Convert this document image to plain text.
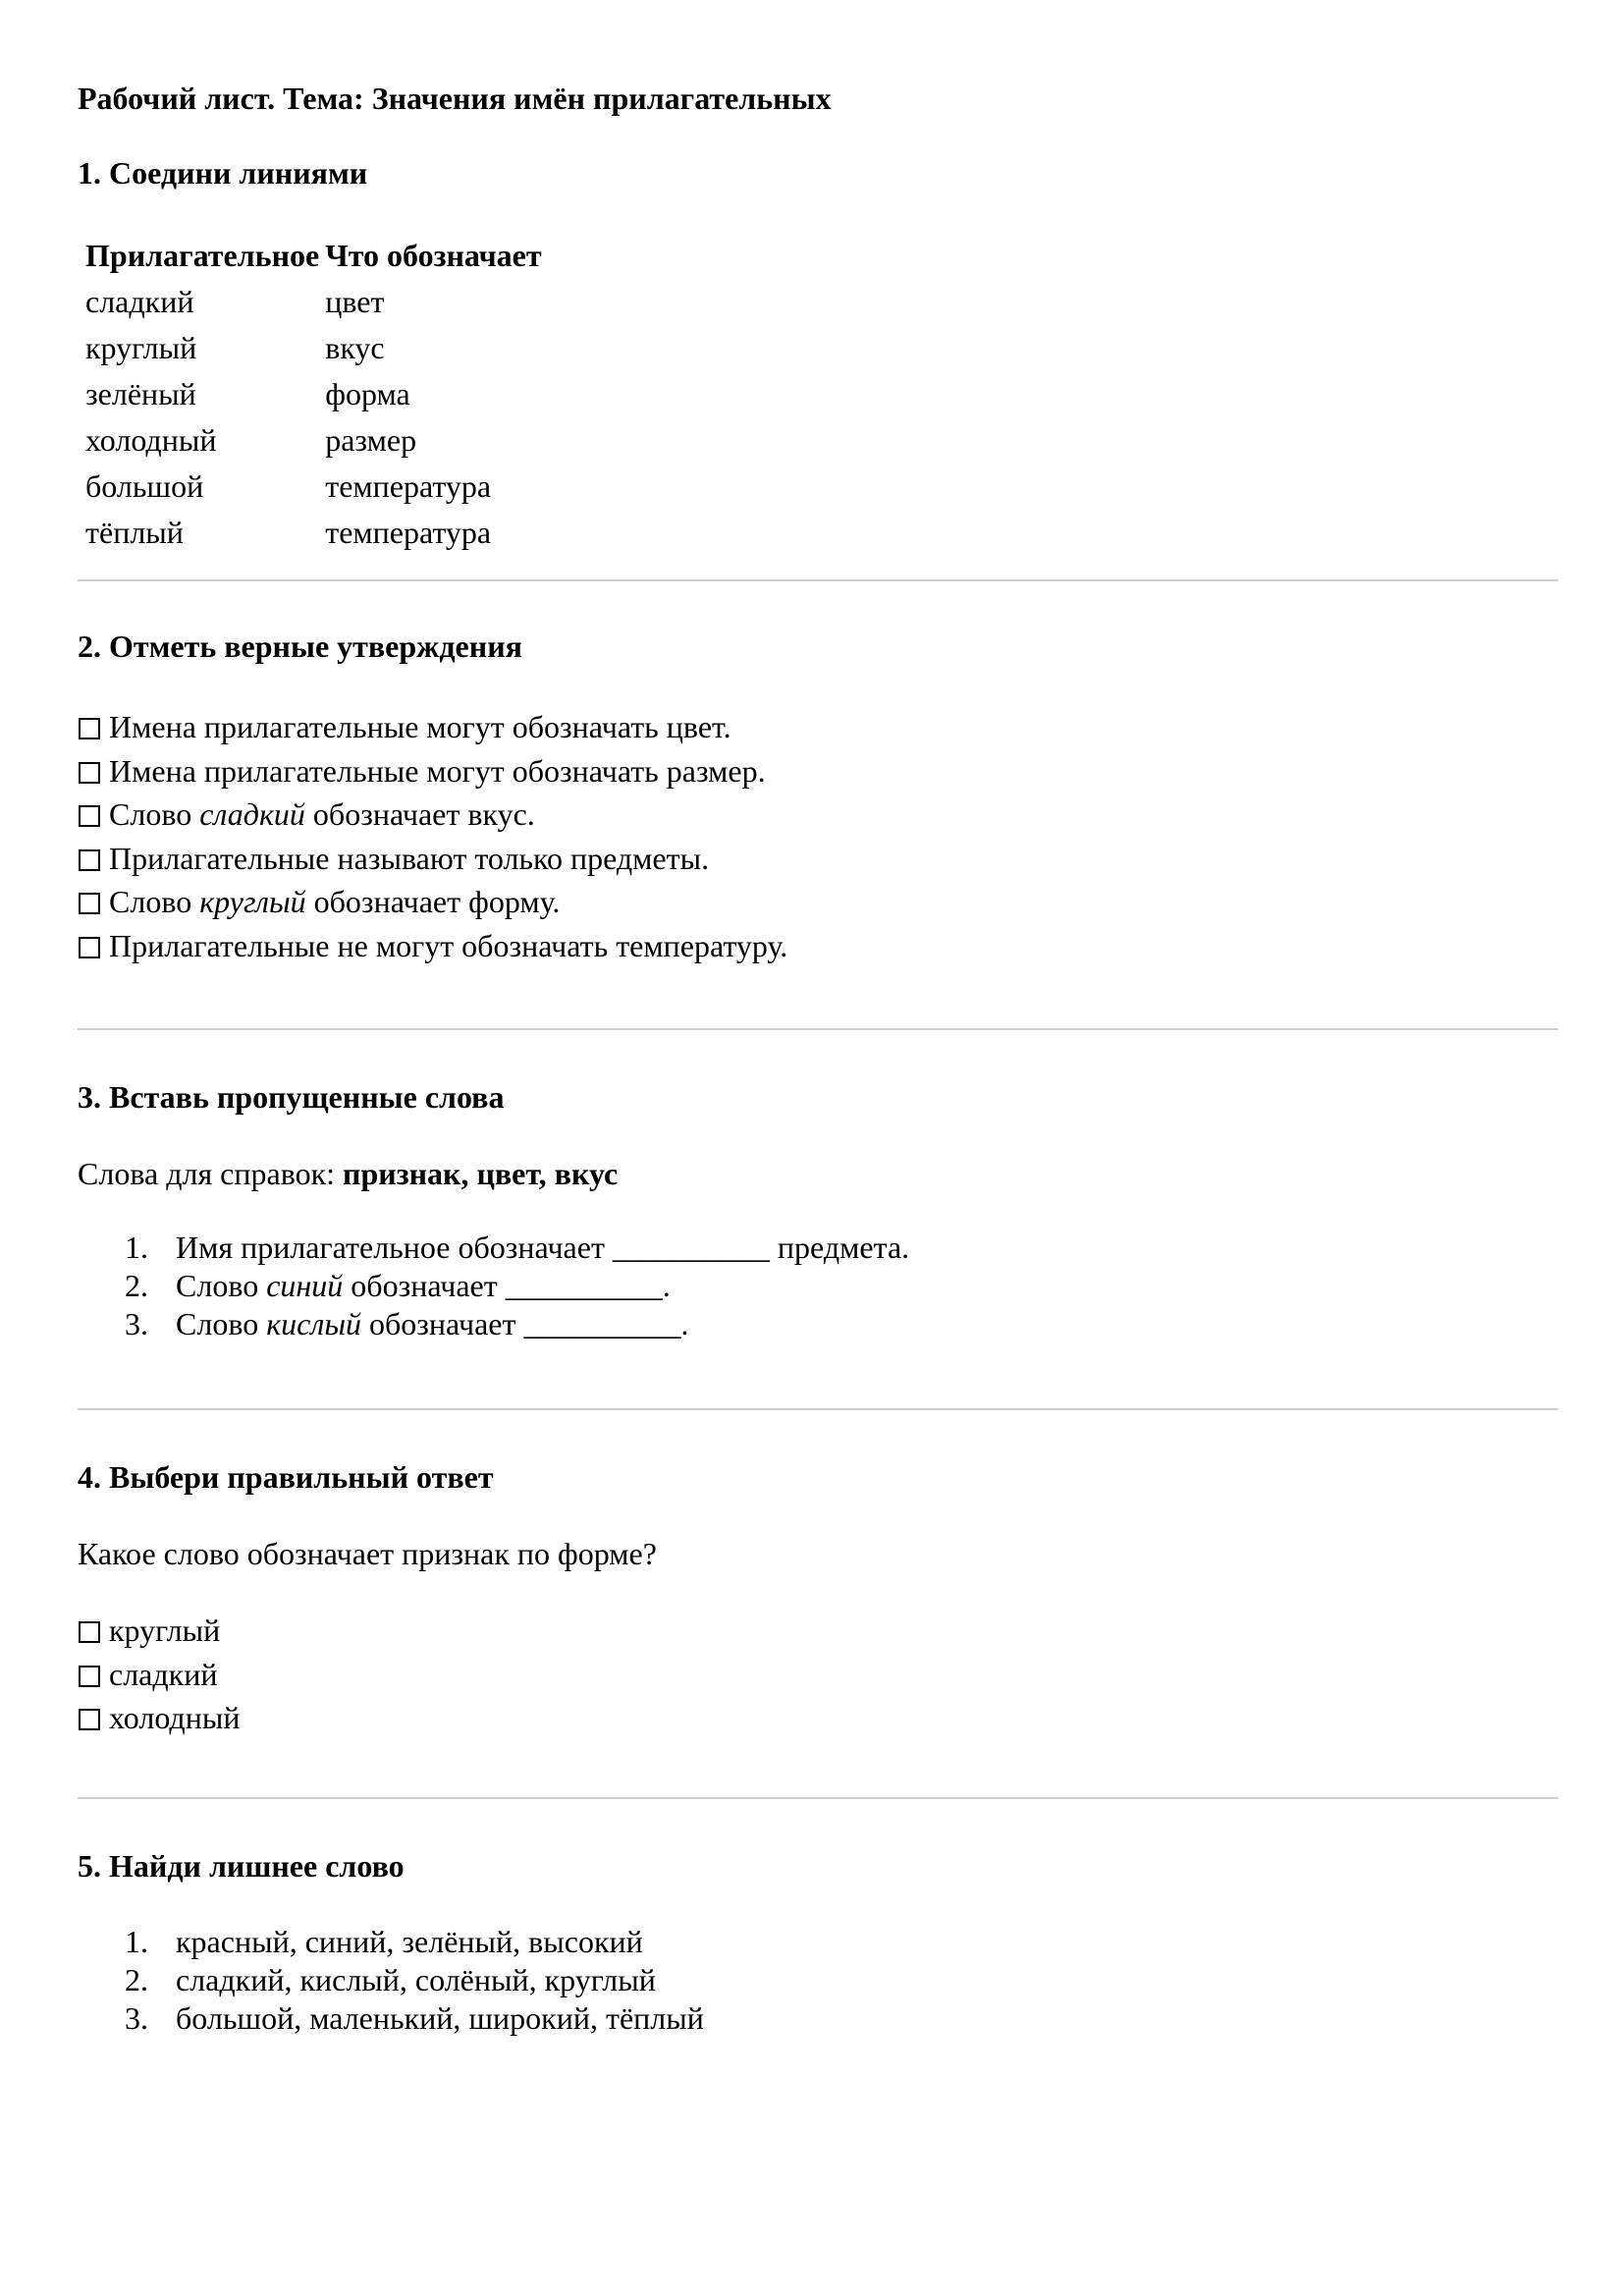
Рабочий лист. Тема: Значения имён прилагательных
1. Соедини линиями
Прилагательное	Что обозначает
сладкий	цвет
круглый	вкус
зелёный	форма
холодный	размер
большой	температура
тёплый	температура
2. Отметь верные утверждения
Имена прилагательные могут обозначать цвет.
Имена прилагательные могут обозначать размер.
Слово сладкий обозначает вкус.
Прилагательные называют только предметы.
Слово круглый обозначает форму.
Прилагательные не могут обозначать температуру.
3. Вставь пропущенные слова
Слова для справок: признак, цвет, вкус
1. Имя прилагательное обозначает __________ предмета.
2. Слово синий обозначает __________.
3. Слово кислый обозначает __________.
4. Выбери правильный ответ
Какое слово обозначает признак по форме?
круглый
сладкий
холодный
5. Найди лишнее слово
1. красный, синий, зелёный, высокий
2. сладкий, кислый, солёный, круглый
3. большой, маленький, широкий, тёплый
